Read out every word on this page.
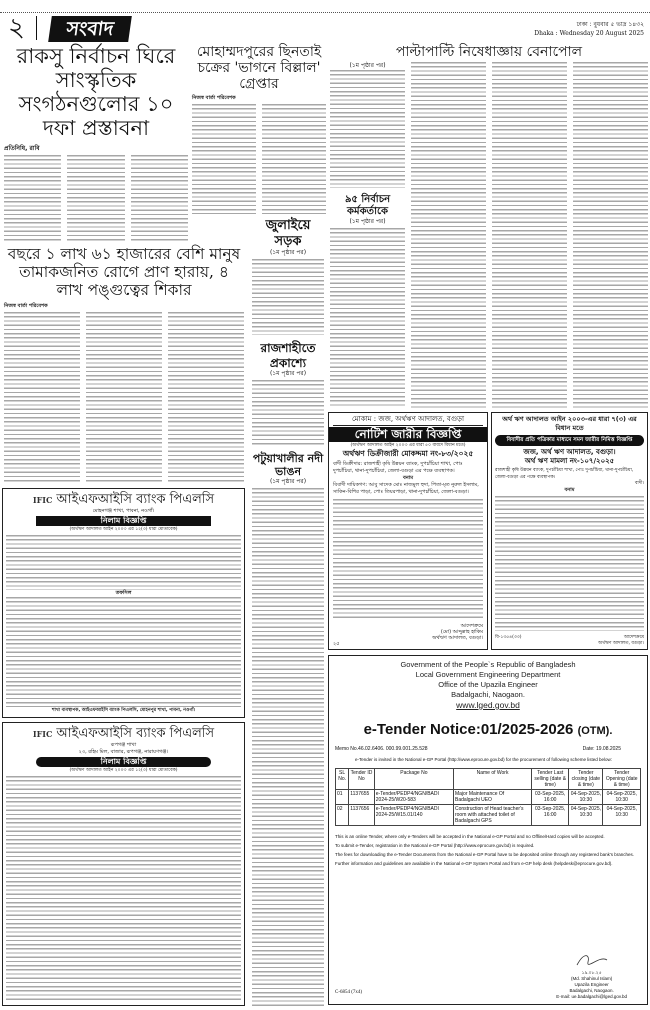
২	সংবাদ	ঢাকা : বুধবার ৫ ভাদ্র ১৪৩২
Dhaka : Wednesday 20 August 2025
রাকসু নির্বাচন ঘিরে সাংস্কৃতিক সংগঠনগুলোর ১০ দফা প্রস্তাবনা
প্রতিনিধি, রাবি
মোহাম্মদপুরের ছিনতাই চক্রের 'ভাগনে বিল্লাল' গ্রেপ্তার
নিজস্ব বার্তা পরিবেশক
জুলাইয়ে সড়ক
(১ম পৃষ্ঠার পর)
রাজশাহীতে প্রকাশ্যে
(১ম পৃষ্ঠার পর)
পটুয়াখালীর নদী ভাঙন
(১ম পৃষ্ঠার পর)
পাল্টাপাল্টি নিষেধাজ্ঞায় বেনাপোল
(১ম পৃষ্ঠার পর)
৯৫ নির্বাচন কর্মকর্তাকে
(১ম পৃষ্ঠার পর)
বছরে ১ লাখ ৬১ হাজারের বেশি মানুষ তামাকজনিত রোগে প্রাণ হারায়, ৪ লাখ পঙ্গুত্বের শিকার
নিজস্ব বার্তা পরিবেশক
IFIC আইএফআইসি ব্যাংক পিএলসি
মোহনগঞ্জ শাখা, পাবনা, নওগাঁ।
নিলাম বিজ্ঞপ্তি
(অর্থঋণ আদালত আইন ২০০৩ এর ১২(৩) ধারা মোতাবেক)
তফসিল
শাখা ব্যবস্থাপক, আইএফআইসি ব্যাংক পিএলসি, মোহনপুর শাখা, পাবনা, নওগাঁ।
IFIC আইএফআইসি ব্যাংক পিএলসি
রূপগঞ্জ শাখা
২৩, রহিম মিল, বাজার, রূপগঞ্জ, নারায়ণগঞ্জ।
নিলাম বিজ্ঞপ্তি
(অর্থঋণ আদালত আইন ২০০৩ এর ১২(৩) ধারা মোতাবেক)
মোকাম : জজ, অর্থঋণ আদালত, বগুড়া
নোটিশ জারীর বিজ্ঞপ্তি
(অর্থঋণ আদালত আইন ২০০৩ এর ধারা ৫০ বাবদে বিধান মতে)
অর্থঋণ ডিক্রীজারী মোকদ্দমা নং-৮৩/২০২৫
বাদী ডিক্রীদার: রাজশাহী কৃষি উন্নয়ন ব্যাংক, দুপচাঁচিয়া শাখা, পোঃ দুপচাঁচিয়া, থানা-দুপচাঁচিয়া, জেলা-বগুড়া এর পক্ষে ব্যবস্থাপক।
বনাম
বিবাদী দায়িকগণ: আবু সাদেক মোঃ নাজমুল হুদা, পিতা-মৃত নুরুল ইসলাম, সাকিন-বিশির পাড়া, পোঃ তিয়রপাড়া, থানা-দুপচাঁচিয়া, জেলা-বগুড়া।
আদেশক্রমে
(মো) আব্দুল্লাহ হাকিম
অর্থঋণ আদালত, বগুড়া।
২৫
অর্থ ঋণ আদালত আইন ২০০৩-এর ধারা ৭(৩) এর বিধান মতে
বিবাদীর প্রতি পত্রিকার মাধ্যমে সমন জারীর নিমিত্ত বিজ্ঞপ্তি
জজ, অর্থ ঋণ আদালত, বগুড়া।
অর্থ ঋণ মামলা নং-১০৭/২০২৫
রাজশাহী কৃষি উন্নয়ন ব্যাংক, দুপচাঁচিয়া শাখা, পোঃ দুপচাঁচিয়া, থানা-দুপচাঁচিয়া, জেলা-বগুড়া এর পক্ষে ব্যবস্থাপক।
বাদী।
বনাম
বি-১৩৫৪(৩৩)	আদেশক্রমে
অর্থঋণ আদালত, বগুড়া।
Government of the People`s Republic of Bangladesh
Local Government Engineering Department
Office of the Upazila Engineer
Badalgachi, Naogaon.
www.lged.gov.bd
e-Tender Notice:01/2025-2026 (OTM).
Memo No.46.02.6406. 000.99.001.25.528	Date: 19.08.2025
e-Tender is invited in the National e-GP Portal (http://www.eprocure.gov.bd) for the procurement of following scheme listed below:
SL No.	Tender ID No	Package No	Name of Work	Tender Last selling (date & time)	Tender closing (date & time)	Tender Opening (date & time)
01	1137655	e-Tender/PEDP4/NGN/BADI 2024-25/W20-583	Major Maintenance Of Badalgachi UEO	03-Sep-2025, 16:00	04-Sep-2025, 10:30	04-Sep-2025, 10:30
02	1137656	e-Tender/PEDP4/NGN/BADI 2024-25/W15.01/140	Construction of Head teacher's room with attached toilet of Badalgachi GPS	03-Sep-2025, 16:00	04-Sep-2025, 10:30	04-Sep-2025, 10:30
This is an online Tender, where only e-Tenders will be accepted in the National e-GP Portal and no Offline/Hard copies will be accepted.
To submit e-Tender, registration in the National e-GP Portal (http://www.eprocure.gov.bd) is required.
The fees for downloading the e-Tender Documents from the National e-GP Portal have to be deposited online through any registered bank's branches.
Further information and guidelines are available in the National e-GP System Portal and from e-GP help desk (helpdesk@eprocure.gov.bd).
C-6854 (7x4)
১৯.০৮.২৫
(Md. Shahinul Islam)
Upazila Engineer
Badalgachi, Naogaon.
E-mail: ue.badalgachi@lged.gov.bd
